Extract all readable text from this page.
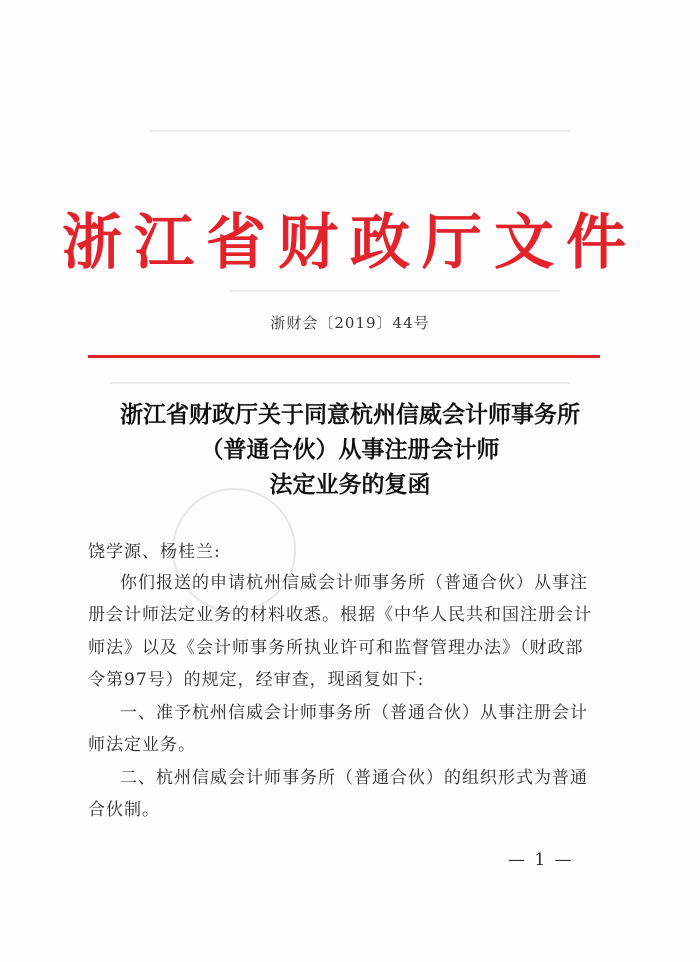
浙江省财政厅文件
浙财会〔2019〕44号
浙江省财政厅关于同意杭州信威会计师事务所
（普通合伙）从事注册会计师
法定业务的复函
饶学源、杨桂兰:
你们报送的申请杭州信威会计师事务所（普通合伙）从事注
册会计师法定业务的材料收悉。根据《中华人民共和国注册会计
师法》以及《会计师事务所执业许可和监督管理办法》（财政部
令第97号）的规定，经审查，现函复如下:
一、准予杭州信威会计师事务所（普通合伙）从事注册会计
师法定业务。
二、杭州信威会计师事务所（普通合伙）的组织形式为普通
合伙制。
— 1 —
